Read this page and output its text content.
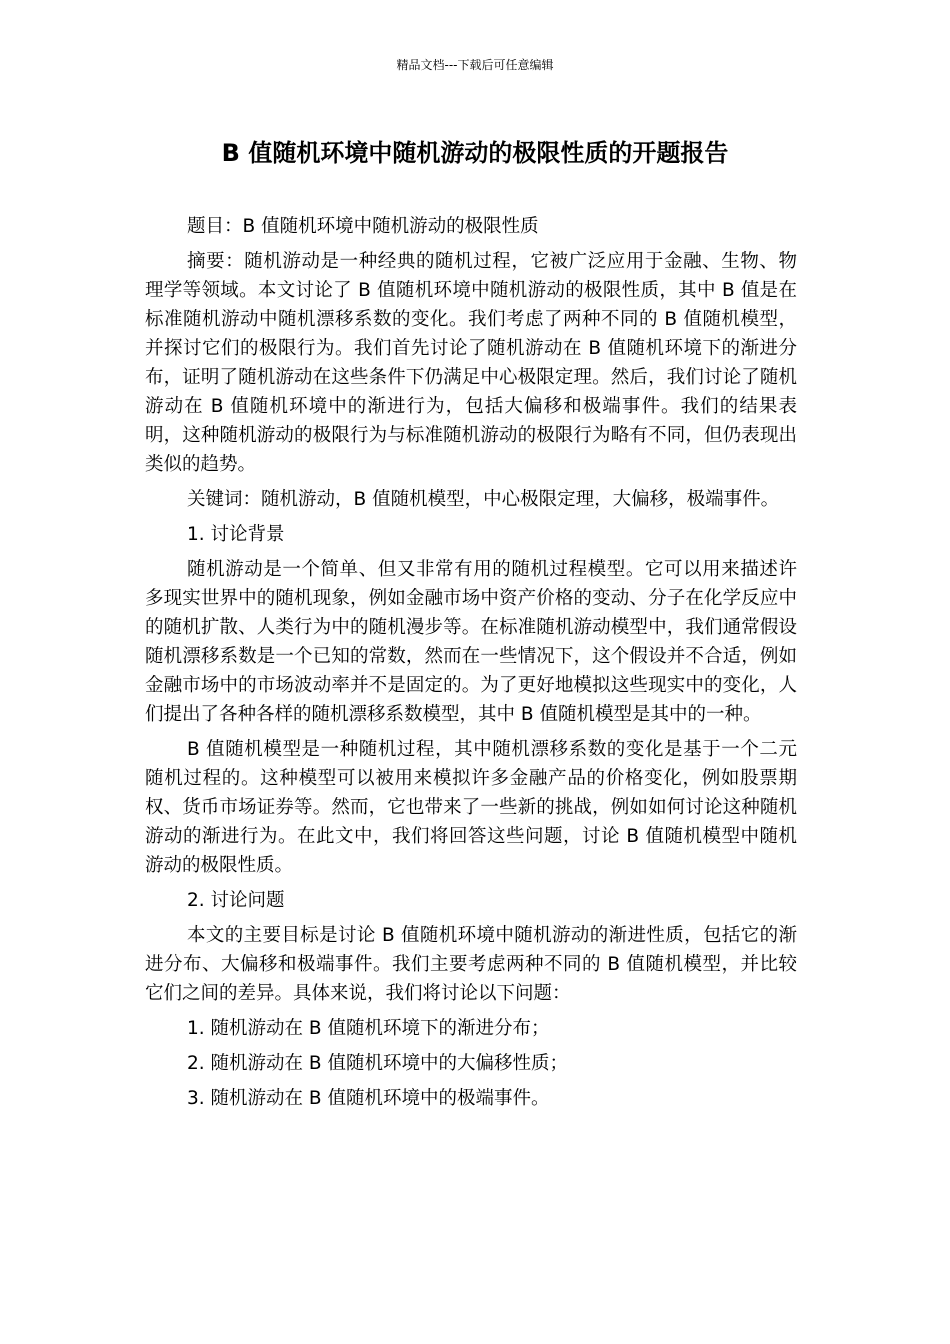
精品文档---下载后可任意编辑
B 值随机环境中随机游动的极限性质的开题报告

题目：B 值随机环境中随机游动的极限性质

摘要：随机游动是一种经典的随机过程，它被广泛应用于金融、生物、物理学等领域。本文讨论了 B 值随机环境中随机游动的极限性质，其中 B 值是在标准随机游动中随机漂移系数的变化。我们考虑了两种不同的 B 值随机模型，并探讨它们的极限行为。我们首先讨论了随机游动在 B 值随机环境下的渐进分布，证明了随机游动在这些条件下仍满足中心极限定理。然后，我们讨论了随机游动在 B 值随机环境中的渐进行为，包括大偏移和极端事件。我们的结果表明，这种随机游动的极限行为与标准随机游动的极限行为略有不同，但仍表现出类似的趋势。

关键词：随机游动，B 值随机模型，中心极限定理，大偏移，极端事件。

1. 讨论背景

随机游动是一个简单、但又非常有用的随机过程模型。它可以用来描述许多现实世界中的随机现象，例如金融市场中资产价格的变动、分子在化学反应中的随机扩散、人类行为中的随机漫步等。在标准随机游动模型中，我们通常假设随机漂移系数是一个已知的常数，然而在一些情况下，这个假设并不合适，例如金融市场中的市场波动率并不是固定的。为了更好地模拟这些现实中的变化，人们提出了各种各样的随机漂移系数模型，其中 B 值随机模型是其中的一种。

B 值随机模型是一种随机过程，其中随机漂移系数的变化是基于一个二元随机过程的。这种模型可以被用来模拟许多金融产品的价格变化，例如股票期权、货币市场证券等。然而，它也带来了一些新的挑战，例如如何讨论这种随机游动的渐进行为。在此文中，我们将回答这些问题，讨论 B 值随机模型中随机游动的极限性质。

2. 讨论问题

本文的主要目标是讨论 B 值随机环境中随机游动的渐进性质，包括它的渐进分布、大偏移和极端事件。我们主要考虑两种不同的 B 值随机模型，并比较它们之间的差异。具体来说，我们将讨论以下问题：

1. 随机游动在 B 值随机环境下的渐进分布；

2. 随机游动在 B 值随机环境中的大偏移性质；

3. 随机游动在 B 值随机环境中的极端事件。
